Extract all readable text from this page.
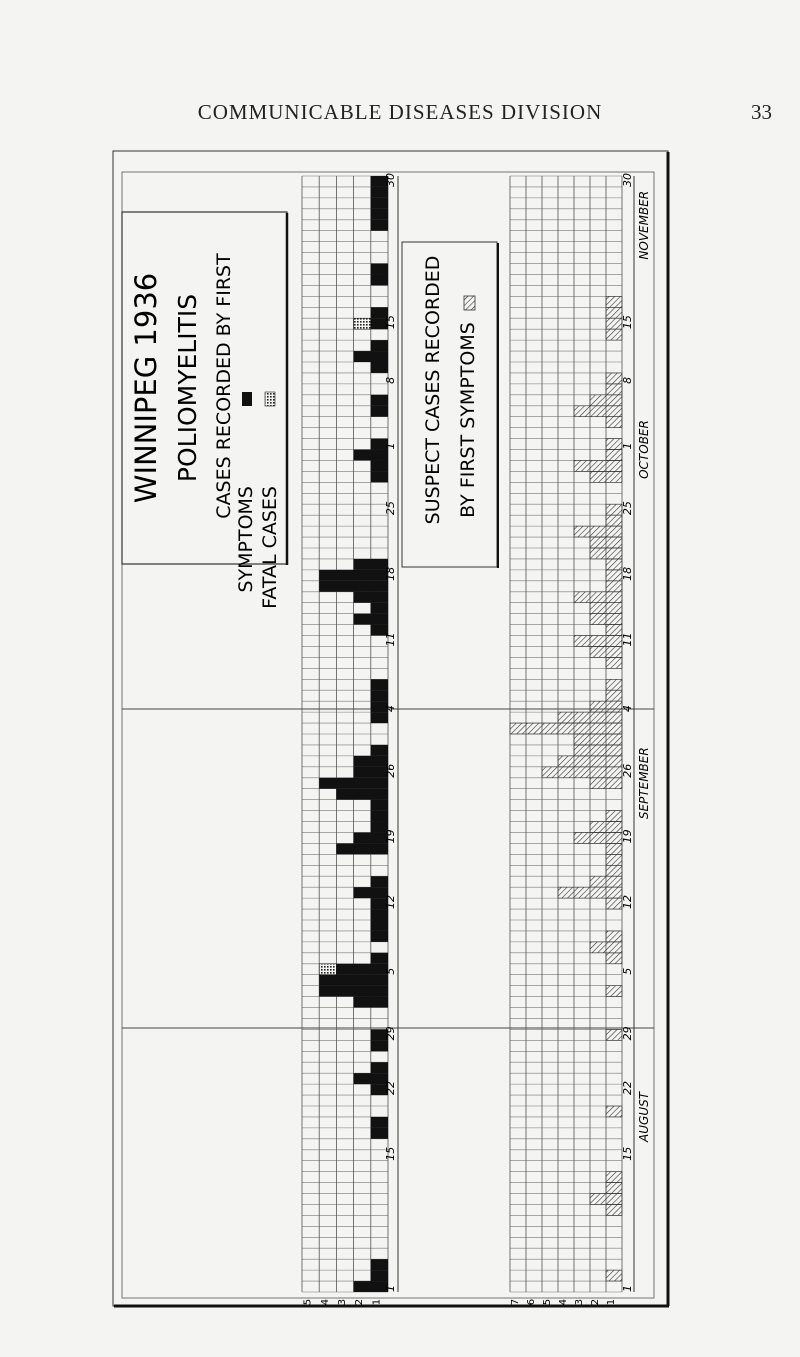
COMMUNICABLE DISEASES DIVISION	33
WINNIPEG 1936 POLIOMYELITIS CASES RECORDED BY FIRST
SYMPTOMS FATAL CASES
SUSPECT CASES RECORDED BY FIRST SYMPTOMS
1	1
15	15
22	22
29	29
5	5
12	12
19	19
26	26
4	4
11	11
18	18
25	25
1	1
8	8
15	15
30	30
AUGUST
SEPTEMBER
OCTOBER
NOVEMBER
5 4 3 2 1	7 6 5 4 3 2 1
